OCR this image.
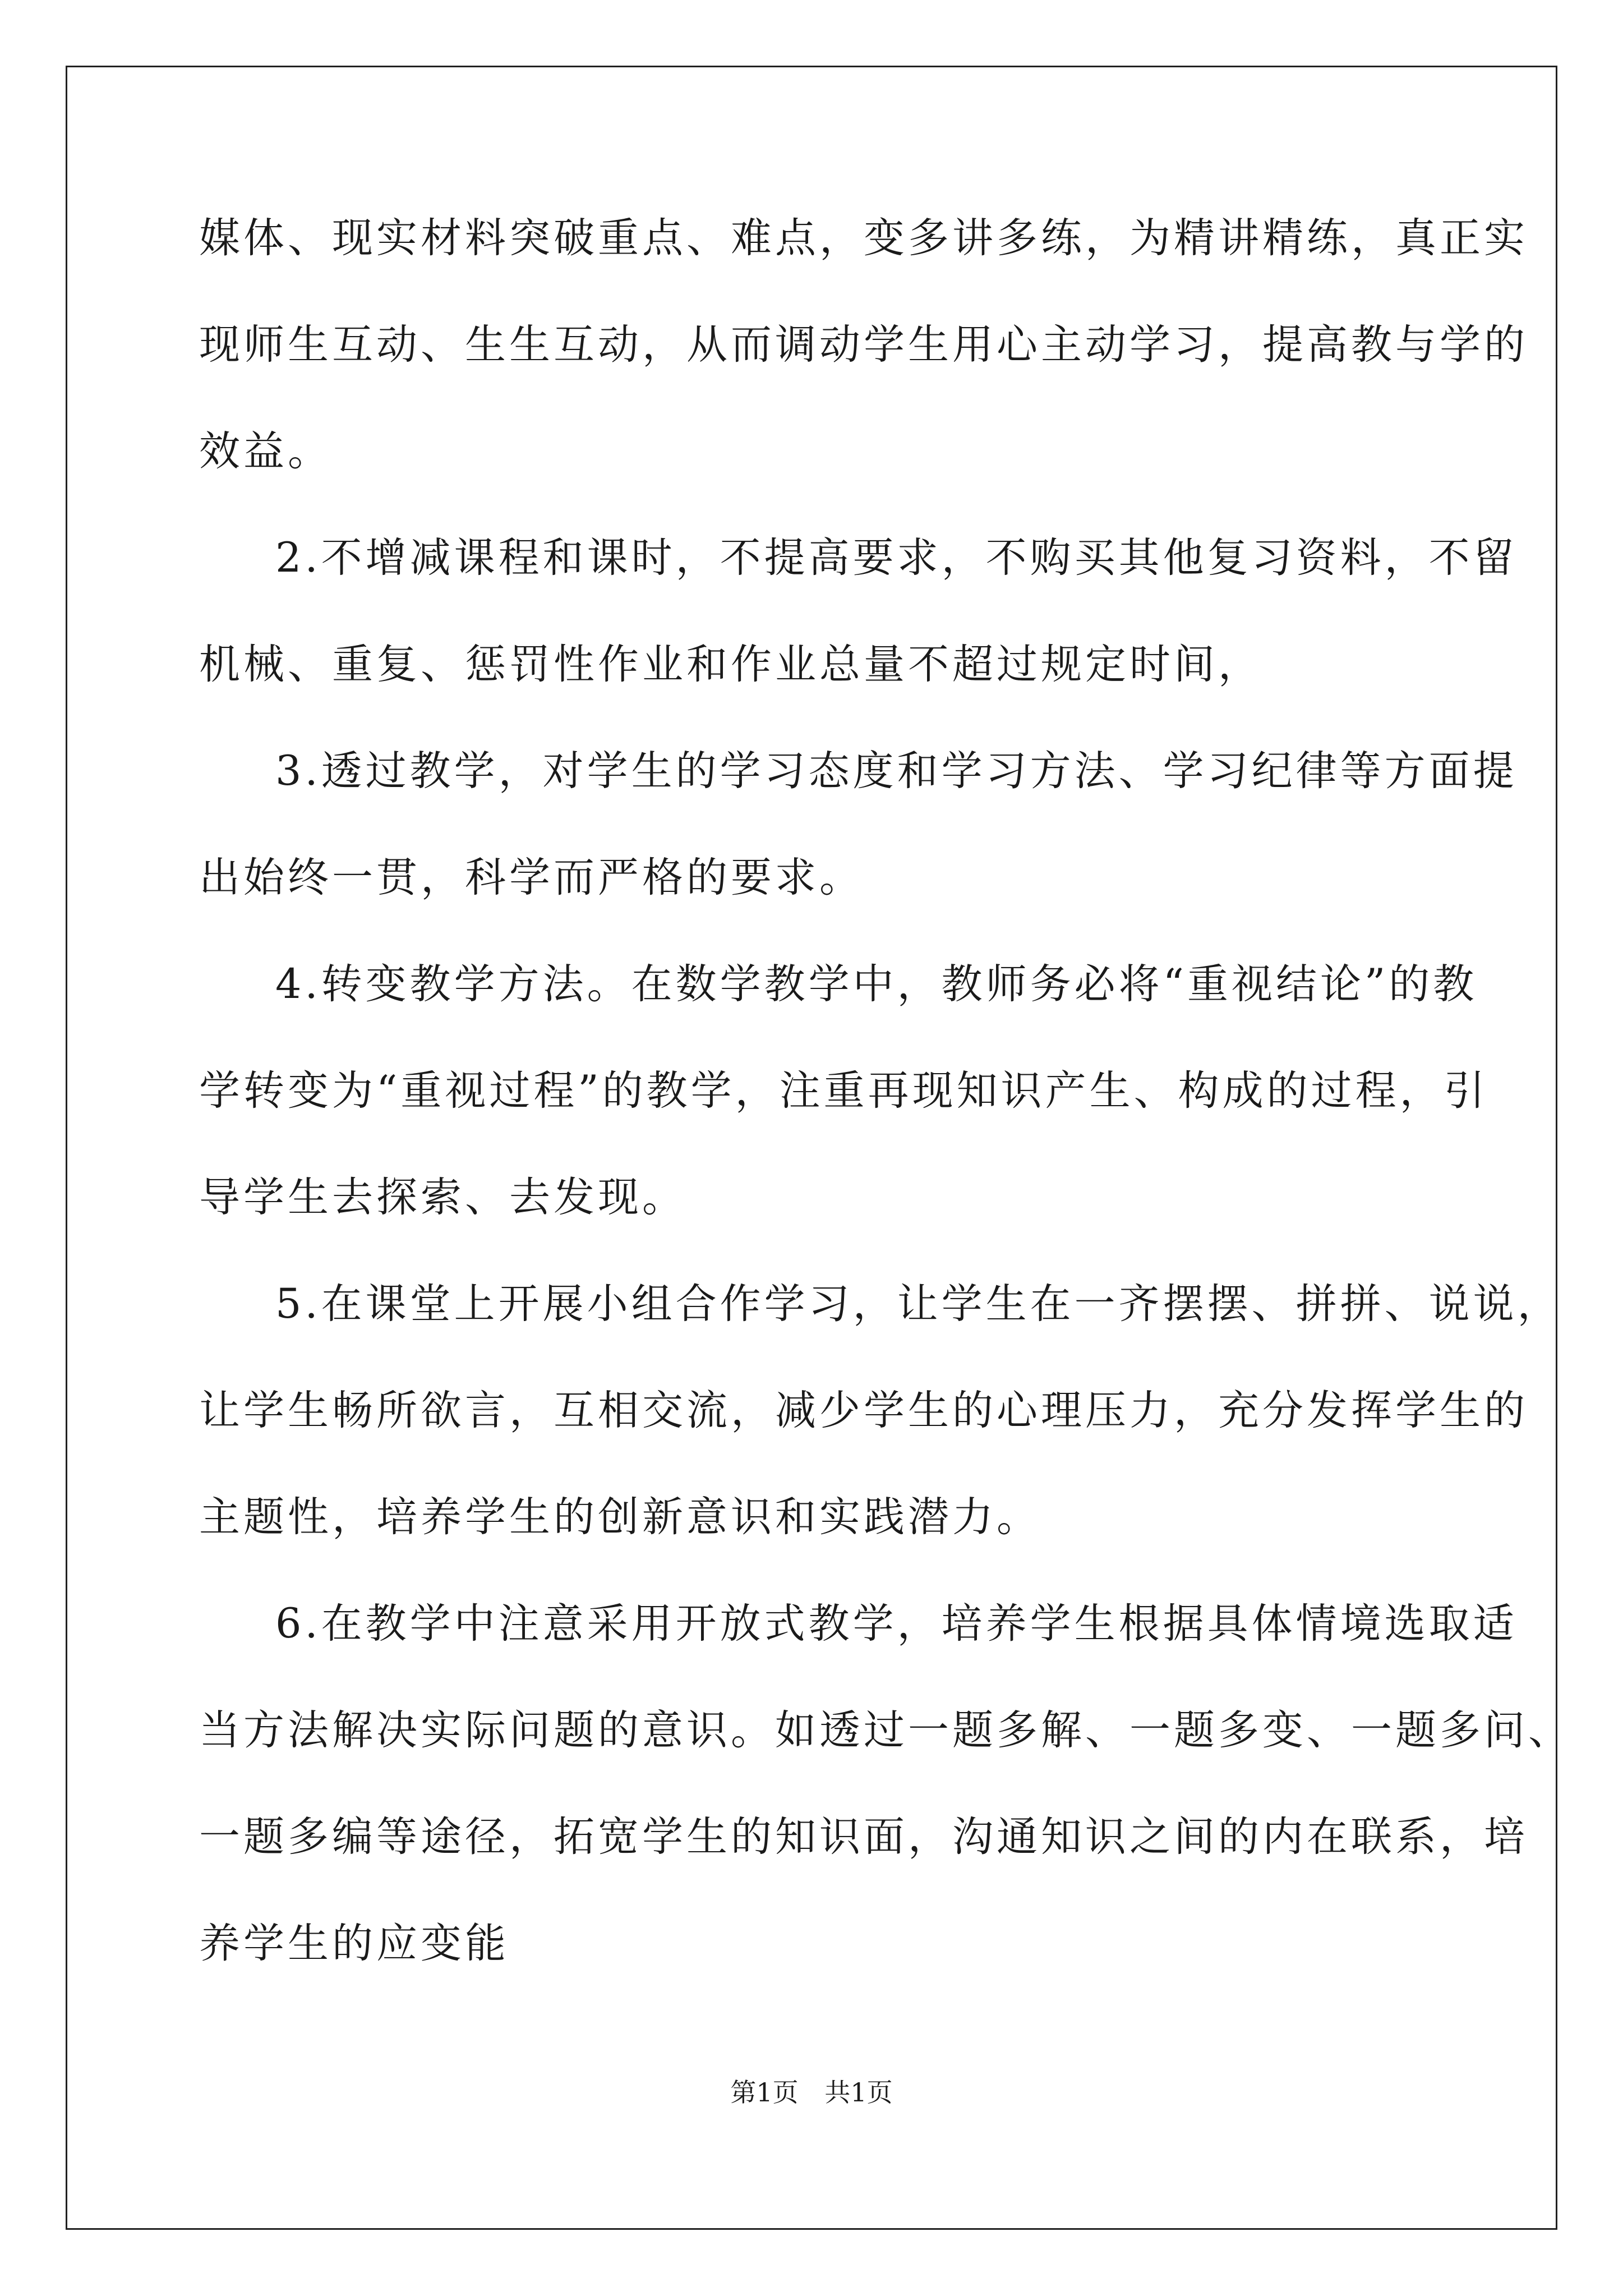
媒体、现实材料突破重点、难点，变多讲多练，为精讲精练，真正实
现师生互动、生生互动，从而调动学生用心主动学习，提高教与学的
效益。
2.不增减课程和课时，不提高要求，不购买其他复习资料，不留
机械、重复、惩罚性作业和作业总量不超过规定时间，
3.透过教学，对学生的学习态度和学习方法、学习纪律等方面提
出始终一贯，科学而严格的要求。
4.转变教学方法。在数学教学中，教师务必将“重视结论”的教
学转变为“重视过程”的教学，注重再现知识产生、构成的过程，引
导学生去探索、去发现。
5.在课堂上开展小组合作学习，让学生在一齐摆摆、拼拼、说说，
让学生畅所欲言，互相交流，减少学生的心理压力，充分发挥学生的
主题性，培养学生的创新意识和实践潜力。
6.在教学中注意采用开放式教学，培养学生根据具体情境选取适
当方法解决实际问题的意识。如透过一题多解、一题多变、一题多问、
一题多编等途径，拓宽学生的知识面，沟通知识之间的内在联系，培
养学生的应变能
第1页 共1页
